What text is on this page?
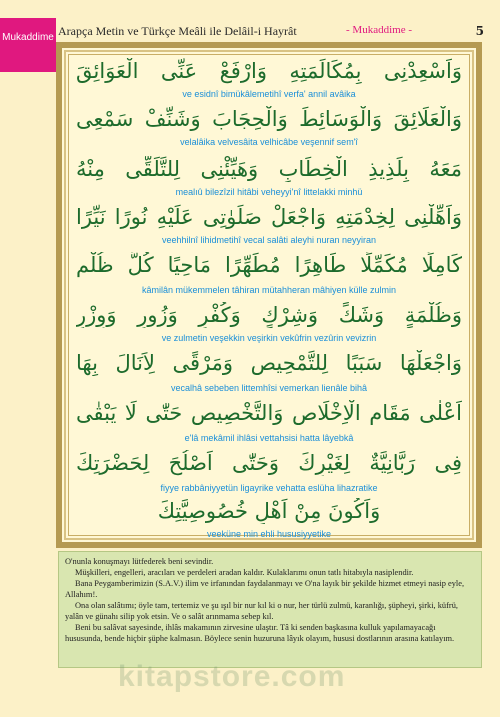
Mukaddime Arapça Metin ve Türkçe Meâli ile Delâil-i Hayrât	- Mukaddime -	5
وَاَسْعِدْنِى بِمُكَالَمَتِهِ وَارْفَعْ عَنِّى الْعَوَائِقَ
ve esidnî bimükâlemetihî verfa' annil avâika
وَالْعَلَائِقَ وَالْوَسَائِطَ وَالْحِجَابَ وَشَنِّفْ سَمْعِى
velalâika velvesâita velhicâbe veşennif sem'î
مَعَهُ بِلَذِيذِ الْخِطَابِ وَهَيِّئْنِى لِلتَّلَقِّى مِنْهُ
mealıû bilezîzil hitâbi veheyyi'nî littelakki minhü
وَاَهِّلْنِى لِخِدْمَتِهِ وَاجْعَلْ صَلَوٰتِى عَلَيْهِ نُورًا نَيِّرًا
veehhilnî lihidmetihî vecal salâti aleyhi nuran neyyiran
كَامِلًا مُكَمِّلًا طَاهِرًا مُطَهِّرًا مَاحِيًا كُلَّ ظُلْمٍ
kâmilân mükemmelen tâhiran mütahheran mâhiyen külle zulmin
وَظُلْمَةٍ وَشَكٍّ وَشِرْكٍ وَكُفْرٍ وَزُورٍ وَوِزْرٍ
ve zulmetin veşekkin veşirkin vekûfrin vezûrin vevizrin
وَاجْعَلْهَا سَبَبًا لِلتَّمْحِيصِ وَمَرْقًى لِاَنَالَ بِهَا
vecalhâ sebeben littemhîsi vemerkan lienâle bihâ
اَعْلٰى مَقَامِ الْاِخْلَاصِ وَالتَّخْصِيصِ حَتّٰى لَا يَبْقٰى
e'lâ mekâmil ihlâsi vettahsisi hatta lâyebkâ
فِى رَبَّانِيَّةٌ لِغَيْرِكَ وَحَتّٰى اَصْلُحَ لِحَضْرَتِكَ
fiyye rabbâniyyetün ligayrike vehatta eslüha lihazratike
وَاَكُونَ مِنْ اَهْلِ خُصُوصِيَّتِكَ
veeküne min ehli hususiyyetike

O'nunla konuşmayı lütfederek beni sevindir.

Müşkilleri, engelleri, aracıları ve perdeleri aradan kaldır. Kulaklarımı onun tatlı hitabıyla nasiplendir.

Bana Peygamberimizin (S.A.V.) ilim ve irfanından faydalanmayı ve O'na layık bir şekilde hizmet etmeyi nasip eyle, Allahım!.

Ona olan salâtımı; öyle tam, tertemiz ve şu ışıl bir nur kıl ki o nur, her türlü zulmü, karanlığı, şüpheyi, şirki, küfrü, yalân ve günahı silip yok etsin. Ve o salât arınmama sebep kıl.

Beni bu salâvat sayesinde, ihlâs makamının zirvesine ulaştır. Tâ ki senden başkasına kulluk yapılamayacağı hususunda, bende hiçbir şüphe kalmasın. Böylece senin huzuruna lâyık olayım, hususi dostlarının arasına katılayım.

kitapstore.com
